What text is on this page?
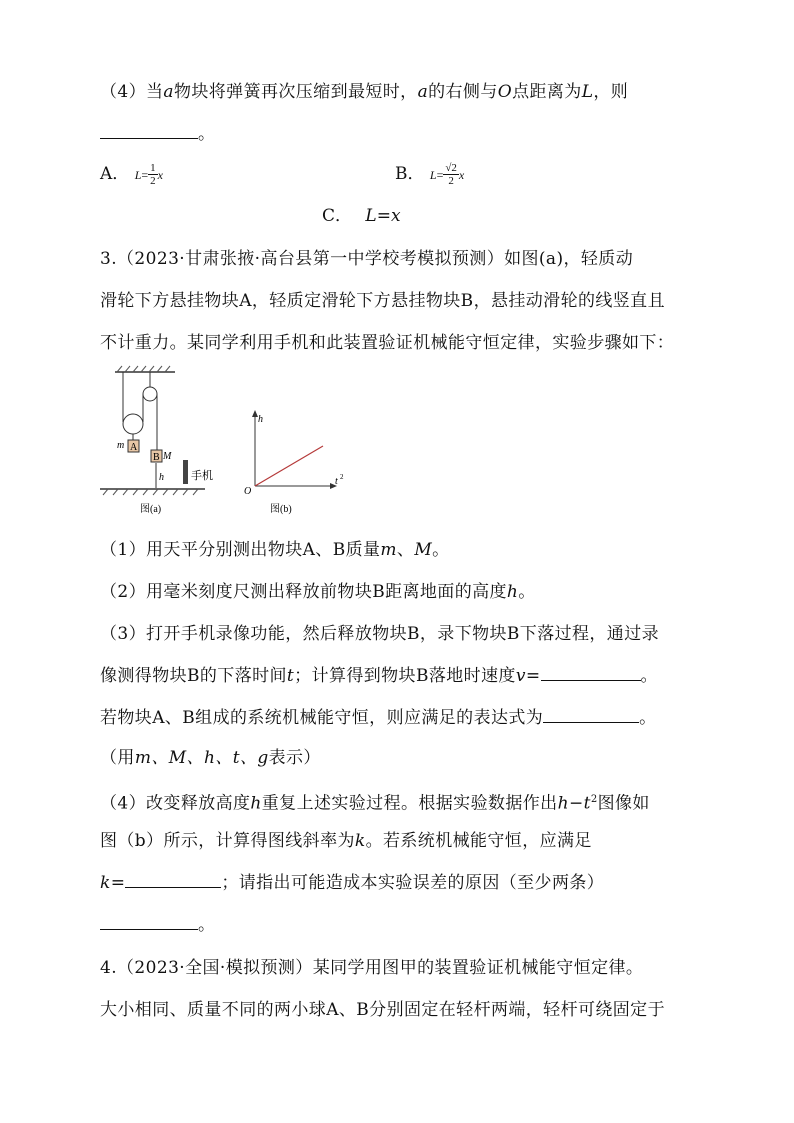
（4）当a物块将弹簧再次压缩到最短时，a的右侧与O点距离为L，则
。
A． $L= \frac{1}{2}$ x	B． $L= \frac{√2}{2}$ x
C． L=x
3.（2023·甘肃张掖·高台县第一中学校考模拟预测）如图(a)，轻质动
滑轮下方悬挂物块A，轻质定滑轮下方悬挂物块B，悬挂动滑轮的线竖直且
不计重力。某同学利用手机和此装置验证机械能守恒定律，实验步骤如下：
A
m
B M
h 手机
图(a)
h
t 2
O
图(b)
（1）用天平分别测出物块A、B质量m、M。
（2）用毫米刻度尺测出释放前物块B距离地面的高度h。
（3）打开手机录像功能，然后释放物块B，录下物块B下落过程，通过录
像测得物块B的下落时间t；计算得到物块B落地时速度v=	。
若物块A、B组成的系统机械能守恒，则应满足的表达式为	。
（用m、M、h、t、g表示）
（4）改变释放高度h重复上述实验过程。根据实验数据作出$h-t^2$图像如
图（b）所示，计算得图线斜率为k。若系统机械能守恒，应满足
k=	；请指出可能造成本实验误差的原因（至少两条）
。
4.（2023·全国·模拟预测）某同学用图甲的装置验证机械能守恒定律。
大小相同、质量不同的两小球A、B分别固定在轻杆两端，轻杆可绕固定于
